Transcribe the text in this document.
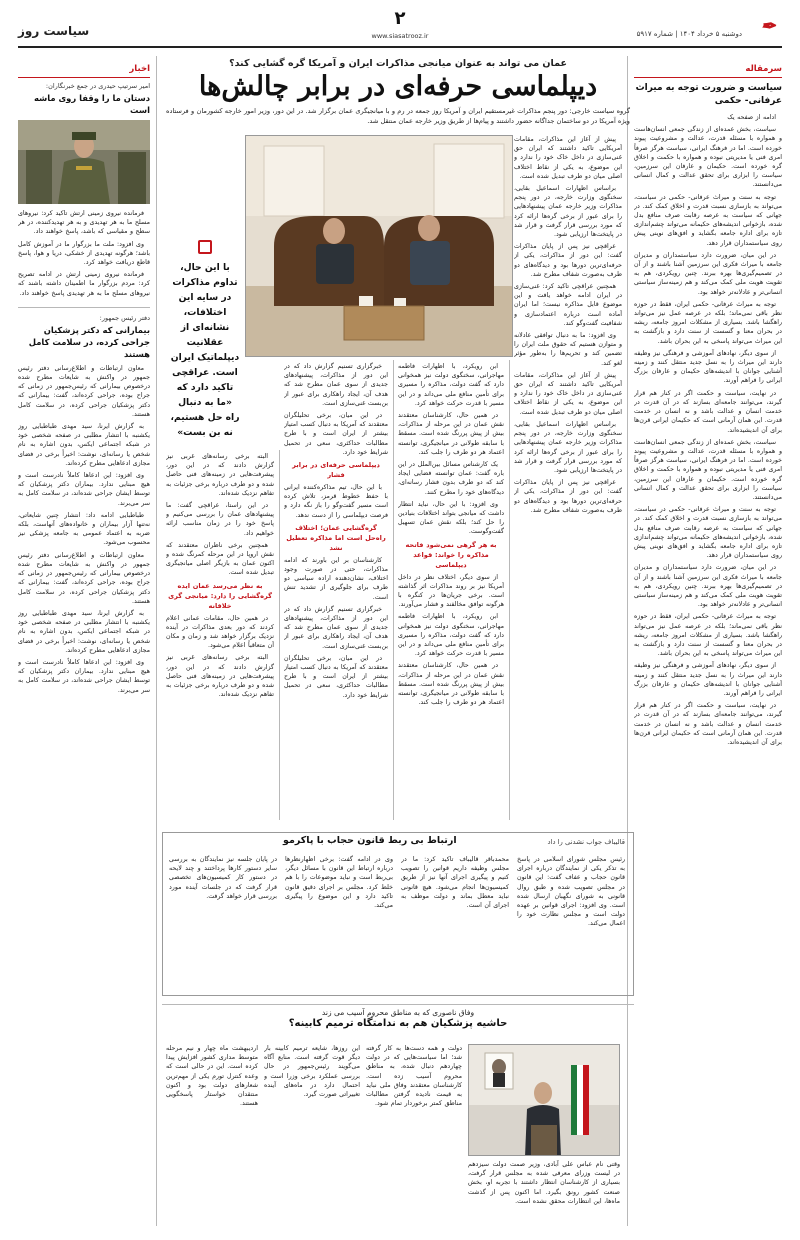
✒
دوشنبه ۵ خرداد ۱۴۰۴ | شماره ۵۹۱۷
۲
www.siasatrooz.ir
سیاست روز
سرمقاله
سیاست و ضرورت توجه به میراث عرفانی- حکمی

ادامه از صفحه یک

سیاست، بخش عمده‌ای از زندگی جمعی انسان‌هاست و همواره با مسئله قدرت، عدالت و مشروعیت پیوند خورده است. اما در فرهنگ ایرانی، سیاست هرگز صرفاً امری فنی یا مدیریتی نبوده و همواره با حکمت و اخلاق گره خورده است. حکیمان و عارفان این سرزمین، سیاست را ابزاری برای تحقق عدالت و کمال انسانی می‌دانستند.

توجه به سنت و میراث عرفانی- حکمی در سیاست، می‌تواند به بازسازی نسبت قدرت و اخلاق کمک کند. در جهانی که سیاست به عرصه رقابت صرف منافع بدل شده، بازخوانی اندیشه‌های حکیمانه می‌تواند چشم‌اندازی تازه برای اداره جامعه بگشاید و افق‌های نوینی پیش روی سیاستمداران قرار دهد.

در این میان، ضرورت دارد سیاستمداران و مدیران جامعه با میراث فکری این سرزمین آشنا باشند و از آن در تصمیم‌گیری‌ها بهره ببرند. چنین رویکردی، هم به تقویت هویت ملی کمک می‌کند و هم زمینه‌ساز سیاستی انسانی‌تر و عادلانه‌تر خواهد بود.

توجه به میراث عرفانی- حکمی ایران، فقط در حوزه نظر باقی نمی‌ماند؛ بلکه در عرصه عمل نیز می‌تواند راهگشا باشد. بسیاری از مشکلات امروز جامعه، ریشه در بحران معنا و گسست از سنت دارد و بازگشت به این میراث می‌تواند پاسخی به این بحران باشد.

از سوی دیگر، نهادهای آموزشی و فرهنگی نیز وظیفه دارند این میراث را به نسل جدید منتقل کنند و زمینه آشنایی جوانان با اندیشه‌های حکیمان و عارفان بزرگ ایرانی را فراهم آورند.

در نهایت، سیاست و حکمت اگر در کنار هم قرار گیرند، می‌توانند جامعه‌ای بسازند که در آن قدرت در خدمت انسان و عدالت باشد و نه انسان در خدمت قدرت. این همان آرمانی است که حکیمان ایرانی قرن‌ها برای آن اندیشیده‌اند.

سیاست، بخش عمده‌ای از زندگی جمعی انسان‌هاست و همواره با مسئله قدرت، عدالت و مشروعیت پیوند خورده است. اما در فرهنگ ایرانی، سیاست هرگز صرفاً امری فنی یا مدیریتی نبوده و همواره با حکمت و اخلاق گره خورده است. حکیمان و عارفان این سرزمین، سیاست را ابزاری برای تحقق عدالت و کمال انسانی می‌دانستند.

توجه به سنت و میراث عرفانی- حکمی در سیاست، می‌تواند به بازسازی نسبت قدرت و اخلاق کمک کند. در جهانی که سیاست به عرصه رقابت صرف منافع بدل شده، بازخوانی اندیشه‌های حکیمانه می‌تواند چشم‌اندازی تازه برای اداره جامعه بگشاید و افق‌های نوینی پیش روی سیاستمداران قرار دهد.

در این میان، ضرورت دارد سیاستمداران و مدیران جامعه با میراث فکری این سرزمین آشنا باشند و از آن در تصمیم‌گیری‌ها بهره ببرند. چنین رویکردی، هم به تقویت هویت ملی کمک می‌کند و هم زمینه‌ساز سیاستی انسانی‌تر و عادلانه‌تر خواهد بود.

توجه به میراث عرفانی- حکمی ایران، فقط در حوزه نظر باقی نمی‌ماند؛ بلکه در عرصه عمل نیز می‌تواند راهگشا باشد. بسیاری از مشکلات امروز جامعه، ریشه در بحران معنا و گسست از سنت دارد و بازگشت به این میراث می‌تواند پاسخی به این بحران باشد.

از سوی دیگر، نهادهای آموزشی و فرهنگی نیز وظیفه دارند این میراث را به نسل جدید منتقل کنند و زمینه آشنایی جوانان با اندیشه‌های حکیمان و عارفان بزرگ ایرانی را فراهم آورند.

در نهایت، سیاست و حکمت اگر در کنار هم قرار گیرند، می‌توانند جامعه‌ای بسازند که در آن قدرت در خدمت انسان و عدالت باشد و نه انسان در خدمت قدرت. این همان آرمانی است که حکیمان ایرانی قرن‌ها برای آن اندیشیده‌اند.

اخبار
امیر سرتیپ حیدری در جمع خبرنگاران:
دستان ما را وقفا روی ماشه است

فرمانده نیروی زمینی ارتش تاکید کرد: نیروهای مسلح ما به هر تهدیدی و به هر تهدیدکننده، در هر سطح و مقیاسی که باشد، پاسخ خواهند داد.

وی افزود: ملت ما بزرگوار ما در آموزش کامل باشد؛ هرگونه تهدیدی از خشکی، دریا و هوا، پاسخ قاطع دریافت خواهد کرد.

فرمانده نیروی زمینی ارتش در ادامه تصریح کرد: مردم بزرگوار ما اطمینان داشته باشند که نیروهای مسلح ما به هر تهدیدی پاسخ خواهند داد.

دفتر رئیس جمهور:
بیمارانی که دکتر پزشکیان جراحی کرده، در سلامت کامل هستند

معاون ارتباطات و اطلاع‌رسانی دفتر رئیس جمهور در واکنش به شایعات مطرح شده درخصوص بیمارانی که رئیس‌جمهور در زمانی که جراح بوده، جراحی کرده‌اند، گفت: بیمارانی که دکتر پزشکیان جراحی کرده، در سلامت کامل هستند.

به گزارش ایرنا، سید مهدی طباطبایی روز یکشنبه با انتشار مطلبی در صفحه شخصی خود در شبکه اجتماعی ایکس، بدون اشاره به نام شخص یا رسانه‌ای، نوشت: اخیراً برخی در فضای مجازی ادعاهایی مطرح کرده‌اند.

وی افزود: این ادعاها کاملاً نادرست است و هیچ مبنایی ندارد. بیماران دکتر پزشکیان که توسط ایشان جراحی شده‌اند، در سلامت کامل به سر می‌برند.

طباطبایی ادامه داد: انتشار چنین شایعاتی، نه‌تنها آزار بیماران و خانواده‌های آنهاست، بلکه ضربه به اعتماد عمومی به جامعه پزشکی نیز محسوب می‌شود.

معاون ارتباطات و اطلاع‌رسانی دفتر رئیس جمهور در واکنش به شایعات مطرح شده درخصوص بیمارانی که رئیس‌جمهور در زمانی که جراح بوده، جراحی کرده‌اند، گفت: بیمارانی که دکتر پزشکیان جراحی کرده، در سلامت کامل هستند.

به گزارش ایرنا، سید مهدی طباطبایی روز یکشنبه با انتشار مطلبی در صفحه شخصی خود در شبکه اجتماعی ایکس، بدون اشاره به نام شخص یا رسانه‌ای، نوشت: اخیراً برخی در فضای مجازی ادعاهایی مطرح کرده‌اند.

وی افزود: این ادعاها کاملاً نادرست است و هیچ مبنایی ندارد. بیماران دکتر پزشکیان که توسط ایشان جراحی شده‌اند، در سلامت کامل به سر می‌برند.

عمان می تواند به عنوان میانجی مذاکرات ایران و آمریکا گره گشایی کند؟
دیپلماسی حرفه‌ای در برابر چالش‌ها
گروه سیاست خارجی: دور پنجم مذاکرات غیرمستقیم ایران و آمریکا روز جمعه در رم و با میانجیگری عمان برگزار شد. در این دور، وزیر امور خارجه کشورمان و فرستاده ویژه آمریکا در دو ساختمان جداگانه حضور داشتند و پیام‌ها از طریق وزیر خارجه عمان منتقل شد.
با این حال، تداوم مذاکرات در سایه این اختلافات، نشانه‌ای از عقلانیت دیپلماتیک ایران است. عراقچی تاکید دارد که «ما به دنبال راه حل هستیم، نه بن بست»

پیش از آغاز این مذاکرات، مقامات آمریکایی تاکید داشتند که ایران حق غنی‌سازی در داخل خاک خود را ندارد و این موضوع، به یکی از نقاط اختلاف اصلی میان دو طرف تبدیل شده است.

براساس اظهارات اسماعیل بقایی، سخنگوی وزارت خارجه، در دور پنجم مذاکرات وزیر خارجه عمان پیشنهادهایی را برای عبور از برخی گره‌ها ارائه کرد که مورد بررسی قرار گرفت و قرار شد در پایتخت‌ها ارزیابی شود.

عراقچی نیز پس از پایان مذاکرات گفت: این دور از مذاکرات، یکی از حرفه‌ای‌ترین دورها بود و دیدگاه‌های دو طرف به‌صورت شفاف مطرح شد.

همچنین عراقچی تاکید کرد: غنی‌سازی در ایران ادامه خواهد یافت و این موضوع قابل مذاکره نیست؛ اما ایران آماده است درباره اعتمادسازی و شفافیت گفت‌وگو کند.

وی افزود: ما به دنبال توافقی عادلانه و متوازن هستیم که حقوق ملت ایران را تضمین کند و تحریم‌ها را به‌طور مؤثر لغو کند.

پیش از آغاز این مذاکرات، مقامات آمریکایی تاکید داشتند که ایران حق غنی‌سازی در داخل خاک خود را ندارد و این موضوع، به یکی از نقاط اختلاف اصلی میان دو طرف تبدیل شده است.

براساس اظهارات اسماعیل بقایی، سخنگوی وزارت خارجه، در دور پنجم مذاکرات وزیر خارجه عمان پیشنهادهایی را برای عبور از برخی گره‌ها ارائه کرد که مورد بررسی قرار گرفت و قرار شد در پایتخت‌ها ارزیابی شود.

عراقچی نیز پس از پایان مذاکرات گفت: این دور از مذاکرات، یکی از حرفه‌ای‌ترین دورها بود و دیدگاه‌های دو طرف به‌صورت شفاف مطرح شد.

ابن رویکرد، با اظهارات فاطمه مهاجرانی، سخنگوی دولت نیز همخوانی دارد که گفت دولت، مذاکره را مسیری برای تأمین منافع ملی می‌داند و در این مسیر با قدرت حرکت خواهد کرد.

در همین حال، کارشناسان معتقدند نقش عمان در این مرحله از مذاکرات، بیش از پیش پررنگ شده است. مسقط با سابقه طولانی در میانجیگری، توانسته اعتماد هر دو طرف را جلب کند.

یک کارشناس مسائل بین‌الملل در این باره گفت: عمان توانسته فضایی ایجاد کند که دو طرف بدون فشار رسانه‌ای، دیدگاه‌های خود را مطرح کنند.

وی افزود: با این حال، نباید انتظار داشت که میانجی بتواند اختلافات بنیادین را حل کند؛ بلکه نقش عمان تسهیل گفت‌وگوست.

به هر گرهی نمی‌شود فاتحه مذاکره را خواند: قواعد دیپلماسی

از سوی دیگر، اختلاف نظر در داخل آمریکا نیز بر روند مذاکرات اثر گذاشته است. برخی جریان‌ها در کنگره با هرگونه توافق مخالفند و فشار می‌آورند.

ابن رویکرد، با اظهارات فاطمه مهاجرانی، سخنگوی دولت نیز همخوانی دارد که گفت دولت، مذاکره را مسیری برای تأمین منافع ملی می‌داند و در این مسیر با قدرت حرکت خواهد کرد.

در همین حال، کارشناسان معتقدند نقش عمان در این مرحله از مذاکرات، بیش از پیش پررنگ شده است. مسقط با سابقه طولانی در میانجیگری، توانسته اعتماد هر دو طرف را جلب کند.

خبرگزاری تسنیم گزارش داد که در این دور از مذاکرات، پیشنهادهای جدیدی از سوی عمان مطرح شد که هدف آن، ایجاد راهکاری برای عبور از بن‌بست غنی‌سازی است.

در این میان، برخی تحلیلگران معتقدند که آمریکا به دنبال کسب امتیاز بیشتر از ایران است و با طرح مطالبات حداکثری، سعی در تحمیل شرایط خود دارد.

دیپلماسی حرفه‌ای در برابر فشار

با این حال، تیم مذاکره‌کننده ایرانی با حفظ خطوط قرمز، تلاش کرده است مسیر گفت‌وگو را باز نگه دارد و فرصت دیپلماسی را از دست ندهد.

گره‌گشایی عمان؛ اختلاف راه‌حل است اما مذاکره تعطیل نشد

کارشناسان بر این باورند که ادامه مذاکرات، حتی در صورت وجود اختلاف، نشان‌دهنده اراده سیاسی دو طرف برای جلوگیری از تشدید تنش است.

خبرگزاری تسنیم گزارش داد که در این دور از مذاکرات، پیشنهادهای جدیدی از سوی عمان مطرح شد که هدف آن، ایجاد راهکاری برای عبور از بن‌بست غنی‌سازی است.

در این میان، برخی تحلیلگران معتقدند که آمریکا به دنبال کسب امتیاز بیشتر از ایران است و با طرح مطالبات حداکثری، سعی در تحمیل شرایط خود دارد.

البته برخی رسانه‌های غربی نیز گزارش دادند که در این دور، پیشرفت‌هایی در زمینه‌های فنی حاصل شده و دو طرف درباره برخی جزئیات به تفاهم نزدیک شده‌اند.

در این راستا، عراقچی گفت: ما پیشنهادهای عمان را بررسی می‌کنیم و پاسخ خود را در زمان مناسب ارائه خواهیم داد.

همچنین برخی ناظران معتقدند که نقش اروپا در این مرحله کمرنگ شده و اکنون عمان به بازیگر اصلی میانجیگری تبدیل شده است.

به نظر می‌رسد عمان ایده گره‌گشایی را دارد: میانجی گری خلاقانه

در همین حال، مقامات عمانی اعلام کردند که دور بعدی مذاکرات در آینده نزدیک برگزار خواهد شد و زمان و مکان آن متعاقباً اعلام می‌شود.

البته برخی رسانه‌های غربی نیز گزارش دادند که در این دور، پیشرفت‌هایی در زمینه‌های فنی حاصل شده و دو طرف درباره برخی جزئیات به تفاهم نزدیک شده‌اند.

قالیباف جواب نشدنی را داد
ارتباط بی ربط قانون حجاب با پاکرمو
رئیس مجلس شورای اسلامی در پاسخ به تذکر یکی از نمایندگان درباره اجرای قانون حجاب و عفاف گفت: این قانون در مجلس تصویب شده و طبق روال قانونی به شورای نگهبان ارسال شده است. وی افزود: اجرای قوانین بر عهده دولت است و مجلس نظارت خود را اعمال می‌کند.
محمدباقر قالیباف تاکید کرد: ما در مجلس وظیفه داریم قوانین را تصویب کنیم و پیگیری اجرای آنها نیز از طریق کمیسیون‌ها انجام می‌شود. هیچ قانونی نباید معطل بماند و دولت موظف به اجرای آن است.
وی در ادامه گفت: برخی اظهارنظرها درباره ارتباط این قانون با مسائل دیگر، بی‌ربط است و نباید موضوعات را با هم خلط کرد. مجلس بر اجرای دقیق قانون تاکید دارد و این موضوع را پیگیری می‌کند.
در پایان جلسه نیز نمایندگان به بررسی سایر دستور کارها پرداختند و چند لایحه در دستور کار کمیسیون‌های تخصصی قرار گرفت که در جلسات آینده مورد بررسی قرار خواهد گرفت.
وفاق ناصوری که به مناطق محروم آسیب می زند
حاشیه پزشکیان هم به ندامتگاه ترمیم کابینه؟
وقتی نام عباس علی آبادی، وزیر صمت دولت سیزدهم در لیست وزرای معرفی شده به مجلس قرار گرفت، بسیاری از کارشناسان انتظار داشتند با تجربه او، بخش صنعت کشور رونق بگیرد. اما اکنون پس از گذشت ماه‌ها، این انتظارات محقق نشده است.
دولت و همه دست‌ها به کار گرفته شد؛ اما سیاست‌هایی که در دولت چهاردهم دنبال شده، به مناطق محروم آسیب زده است. کارشناسان معتقدند وفاق ملی نباید به قیمت نادیده گرفتن مطالبات مناطق کمتر برخوردار تمام شود.
این روزها، شایعه ترمیم کابینه بار دیگر قوت گرفته است. منابع آگاه می‌گویند رئیس‌جمهور در حال بررسی عملکرد برخی وزرا است و احتمال دارد در ماه‌های آینده تغییراتی صورت گیرد.
اردیبهشت ماه چهار و نیم مرحله متوسط مداری کشور افزایش پیدا کرده است. این در حالی است که وعده کنترل تورم یکی از مهم‌ترین شعارهای دولت بود و اکنون منتقدان خواستار پاسخگویی هستند.
